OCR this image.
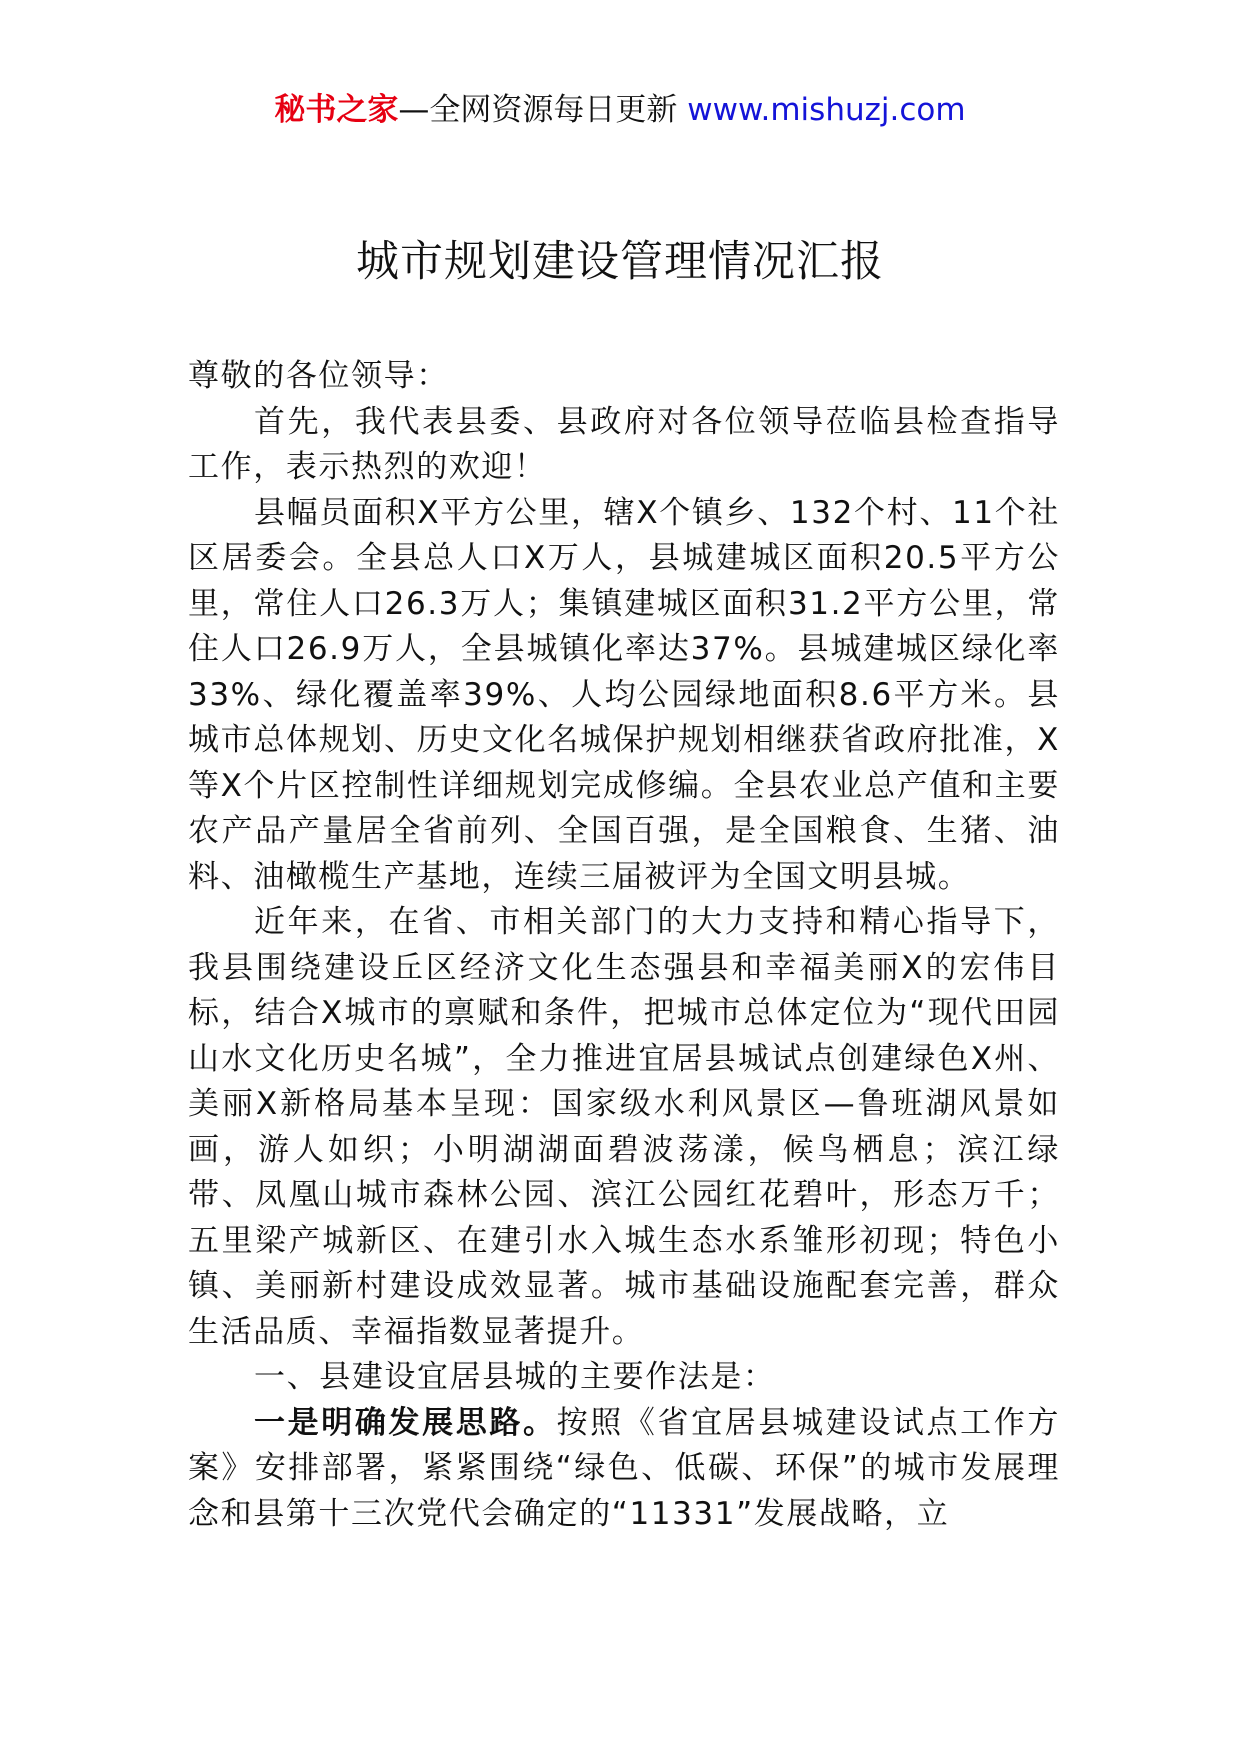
秘书之家—全网资源每日更新 www.mishuzj.com
城市规划建设管理情况汇报

尊敬的各位领导：

首先，我代表县委、县政府对各位领导莅临县检查指导工作，表示热烈的欢迎！

县幅员面积X平方公里，辖X个镇乡、132个村、11个社区居委会。全县总人口X万人，县城建城区面积20.5平方公里，常住人口26.3万人；集镇建城区面积31.2平方公里，常住人口26.9万人，全县城镇化率达37%。县城建城区绿化率33%、绿化覆盖率39%、人均公园绿地面积8.6平方米。县城市总体规划、历史文化名城保护规划相继获省政府批准，X等X个片区控制性详细规划完成修编。全县农业总产值和主要农产品产量居全省前列、全国百强，是全国粮食、生猪、油料、油橄榄生产基地，连续三届被评为全国文明县城。

近年来，在省、市相关部门的大力支持和精心指导下，我县围绕建设丘区经济文化生态强县和幸福美丽X的宏伟目标，结合X城市的禀赋和条件，把城市总体定位为“现代田园山水文化历史名城”，全力推进宜居县城试点创建绿色X州、美丽X新格局基本呈现：国家级水利风景区—鲁班湖风景如画，游人如织；小明湖湖面碧波荡漾，候鸟栖息；滨江绿带、凤凰山城市森林公园、滨江公园红花碧叶，形态万千；五里梁产城新区、在建引水入城生态水系雏形初现；特色小镇、美丽新村建设成效显著。城市基础设施配套完善，群众生活品质、幸福指数显著提升。

一、县建设宜居县城的主要作法是：

一是明确发展思路。按照《省宜居县城建设试点工作方案》安排部署，紧紧围绕“绿色、低碳、环保”的城市发展理念和县第十三次党代会确定的“11331”发展战略，立
